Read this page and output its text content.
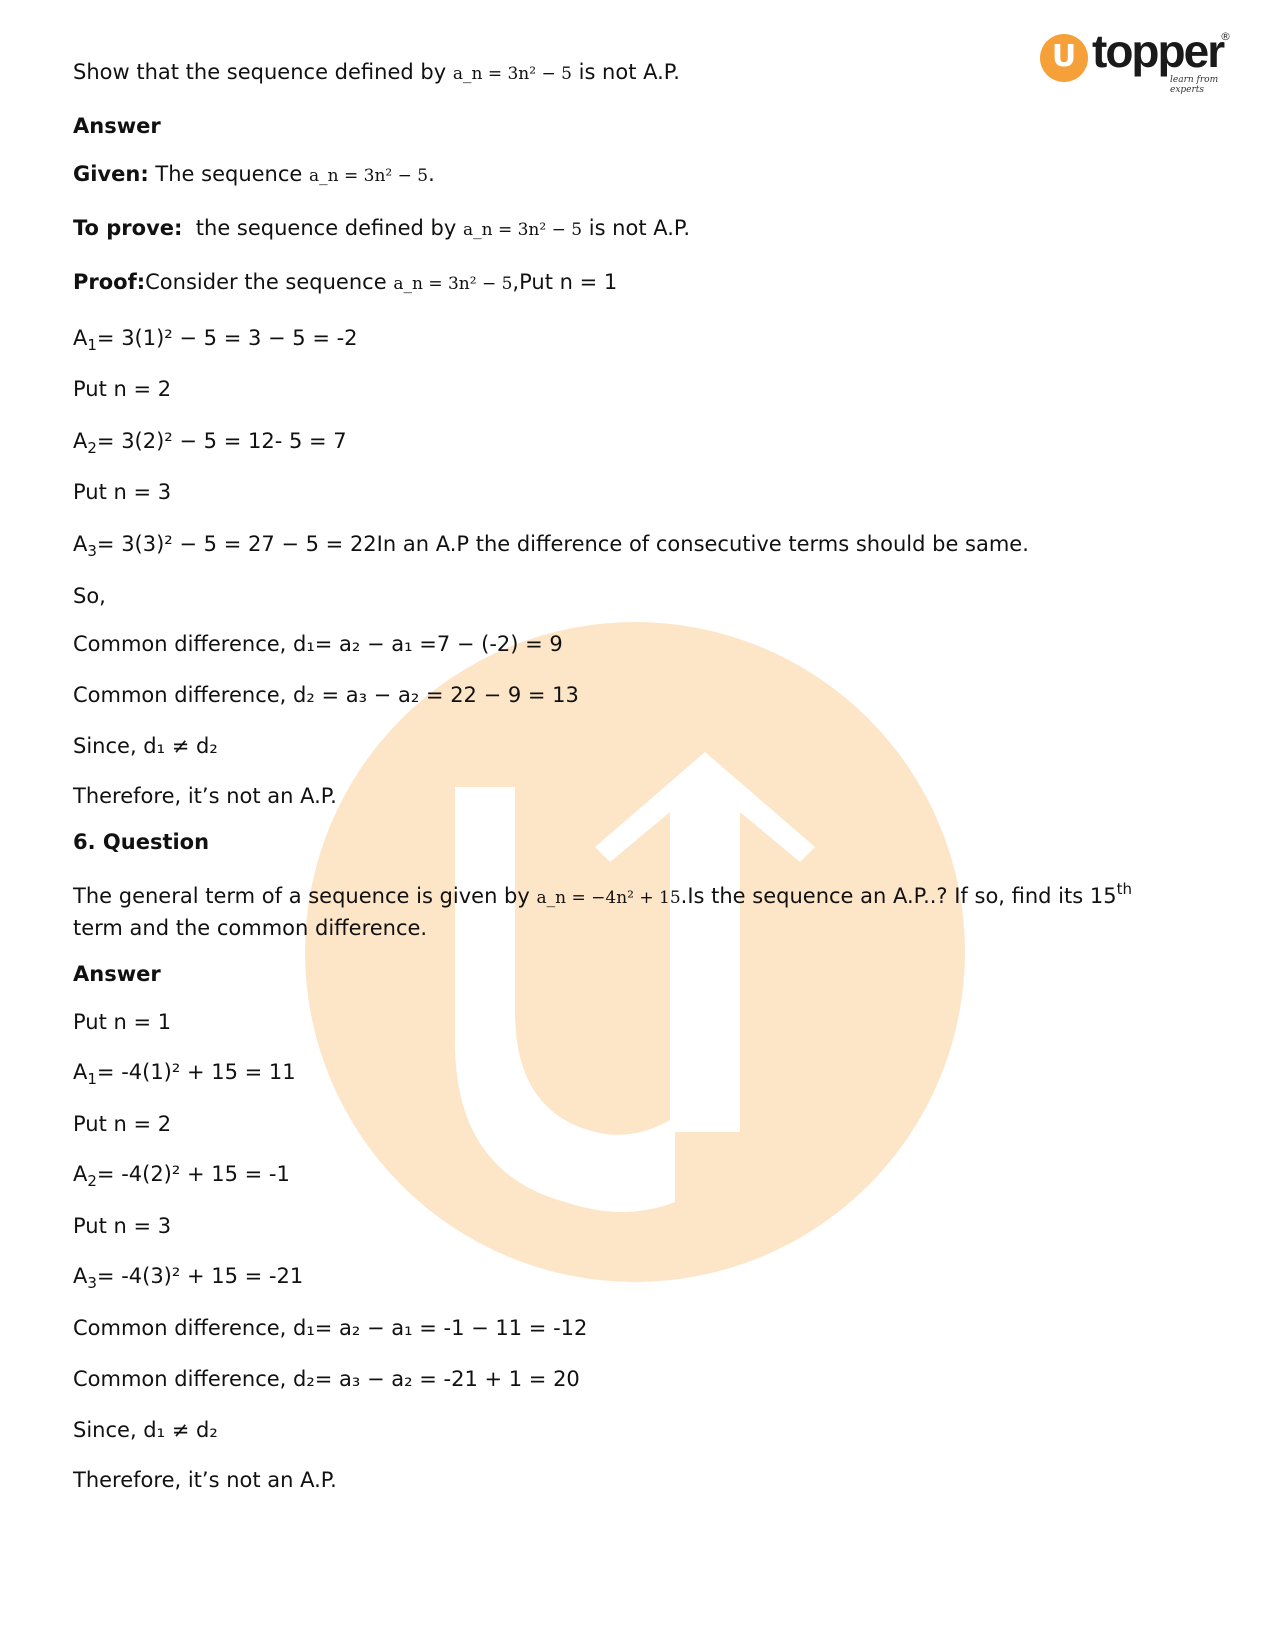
U topper
learn from experts
®
Show that the sequence defined by a_n = 3n² − 5 is not A.P.
Answer
Given: The sequence a_n = 3n² − 5.
To prove: the sequence defined by a_n = 3n² − 5 is not A.P.
Proof:Consider the sequence a_n = 3n² − 5,Put n = 1
$A_1= 3(1)^2 - 5 = 3 - 5 = -2$
Put n = 2
$A_2= 3(2)^2 - 5 = 12-$ 5 = 7
Put n = 3
$A_3= 3(3)^2 - 5 = 27 - 5 = 22In$ an A.P the difference of consecutive terms should be same.
So,
Common difference, d₁= a₂ − a₁ =7 − (-2) = 9
Common difference, d₂ = a₃ − a₂ = 22 − 9 = 13
Since, d₁ ≠ d₂
Therefore, it’s not an A.P.
6. Question
The general term of a sequence is given by a_n = −4n² + 15.Is the sequence an A.P..? If so, find its 15th term and the common difference.
Answer
Put n = 1
$A_1= -4(1)^2 + 15 = 11$
Put n = 2
$A_2= -4(2)^2 + 15 = -1$
Put n = 3
$A_3= -4(3)^2 + 15 = -21$
Common difference, d₁= a₂ − a₁ = -1 − 11 = -12
Common difference, d₂= a₃ − a₂ = -21 + 1 = 20
Since, d₁ ≠ d₂
Therefore, it’s not an A.P.
